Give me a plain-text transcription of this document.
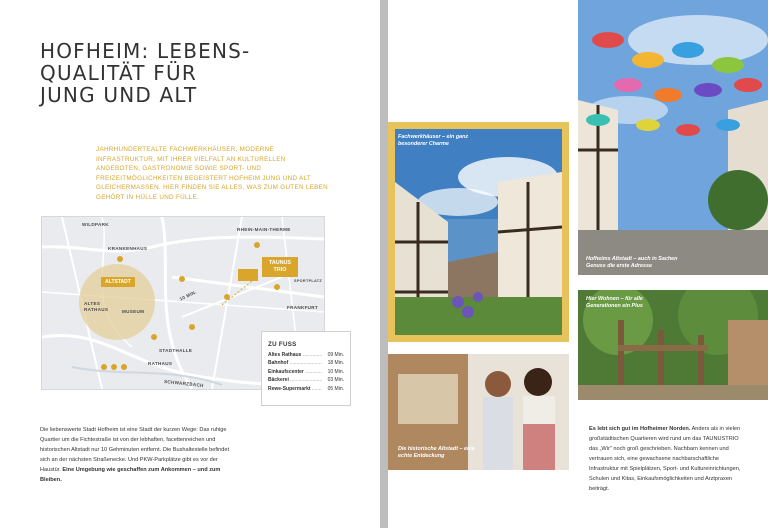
HOFHEIM: LEBENS-
QUALITÄT FÜR
JUNG UND ALT
JAHRHUNDERTEALTE FACHWERKHÄUSER, MODERNE INFRASTRUKTUR, MIT IHRER VIELFALT AN KULTURELLEN ANGEBOTEN, GASTRONOMIE SOWIE SPORT- UND FREIZEITMÖGLICHKEITEN BEGEISTERT HOFHEIM JUNG UND ALT GLEICHERMASSEN. HIER FINDEN SIE ALLES, WAS ZUM GUTEN LEBEN GEHÖRT IN HÜLLE UND FÜLLE.
WILDPARK
KRANKENHAUS
RHEIN-MAIN-THERME
ALTSTADT
ALTES RATHAUS	MUSEUM
10 MIN.
TAUNUS TRIO
SPORTPLATZ
FRANKFURT
STADTHALLE
RATHAUS
SCHWARZBACH
ZU FUSS
Altes Rathaus .....	09 Min.
Bahnhof .....	18 Min.
Einkaufscenter .....	10 Min.
Bäckerei .....	03 Min.
Rewe-Supermarkt .....	05 Min.

Die liebenswerte Stadt Hofheim ist eine Stadt der kurzen Wege: Das ruhige Quartier um die Fichtestraße ist von der lebhaften, facettenreichen und historischen Altstadt nur 10 Gehminuten entfernt. Die Bushaltestelle befindet sich an der nächsten Straßenecke. Und PKW-Parkplätze gibt es vor der Haustür. Eine Umgebung wie geschaffen zum Ankommen – und zum Bleiben.

Fachwerkhäuser – ein ganz besonderer Charme
Hofheims Altstadt – auch in Sachen Genuss die erste Adresse
Hier Wohnen – für alle Generationen ein Plus
Die historische Altstadt – eine echte Entdeckung

Es lebt sich gut im Hofheimer Norden. Anders als in vielen großstädtischen Quartieren wird rund um das TAUNUSTRIO das „Wir" noch groß geschrieben. Nachbarn kennen und vertrauen sich, eine gewachsene nachbarschaftliche Infrastruktur mit Spielplätzen, Sport- und Kultureinrichtungen, Schulen und Kitas, Einkaufsmöglichkeiten und Arztpraxen beiträgt.
